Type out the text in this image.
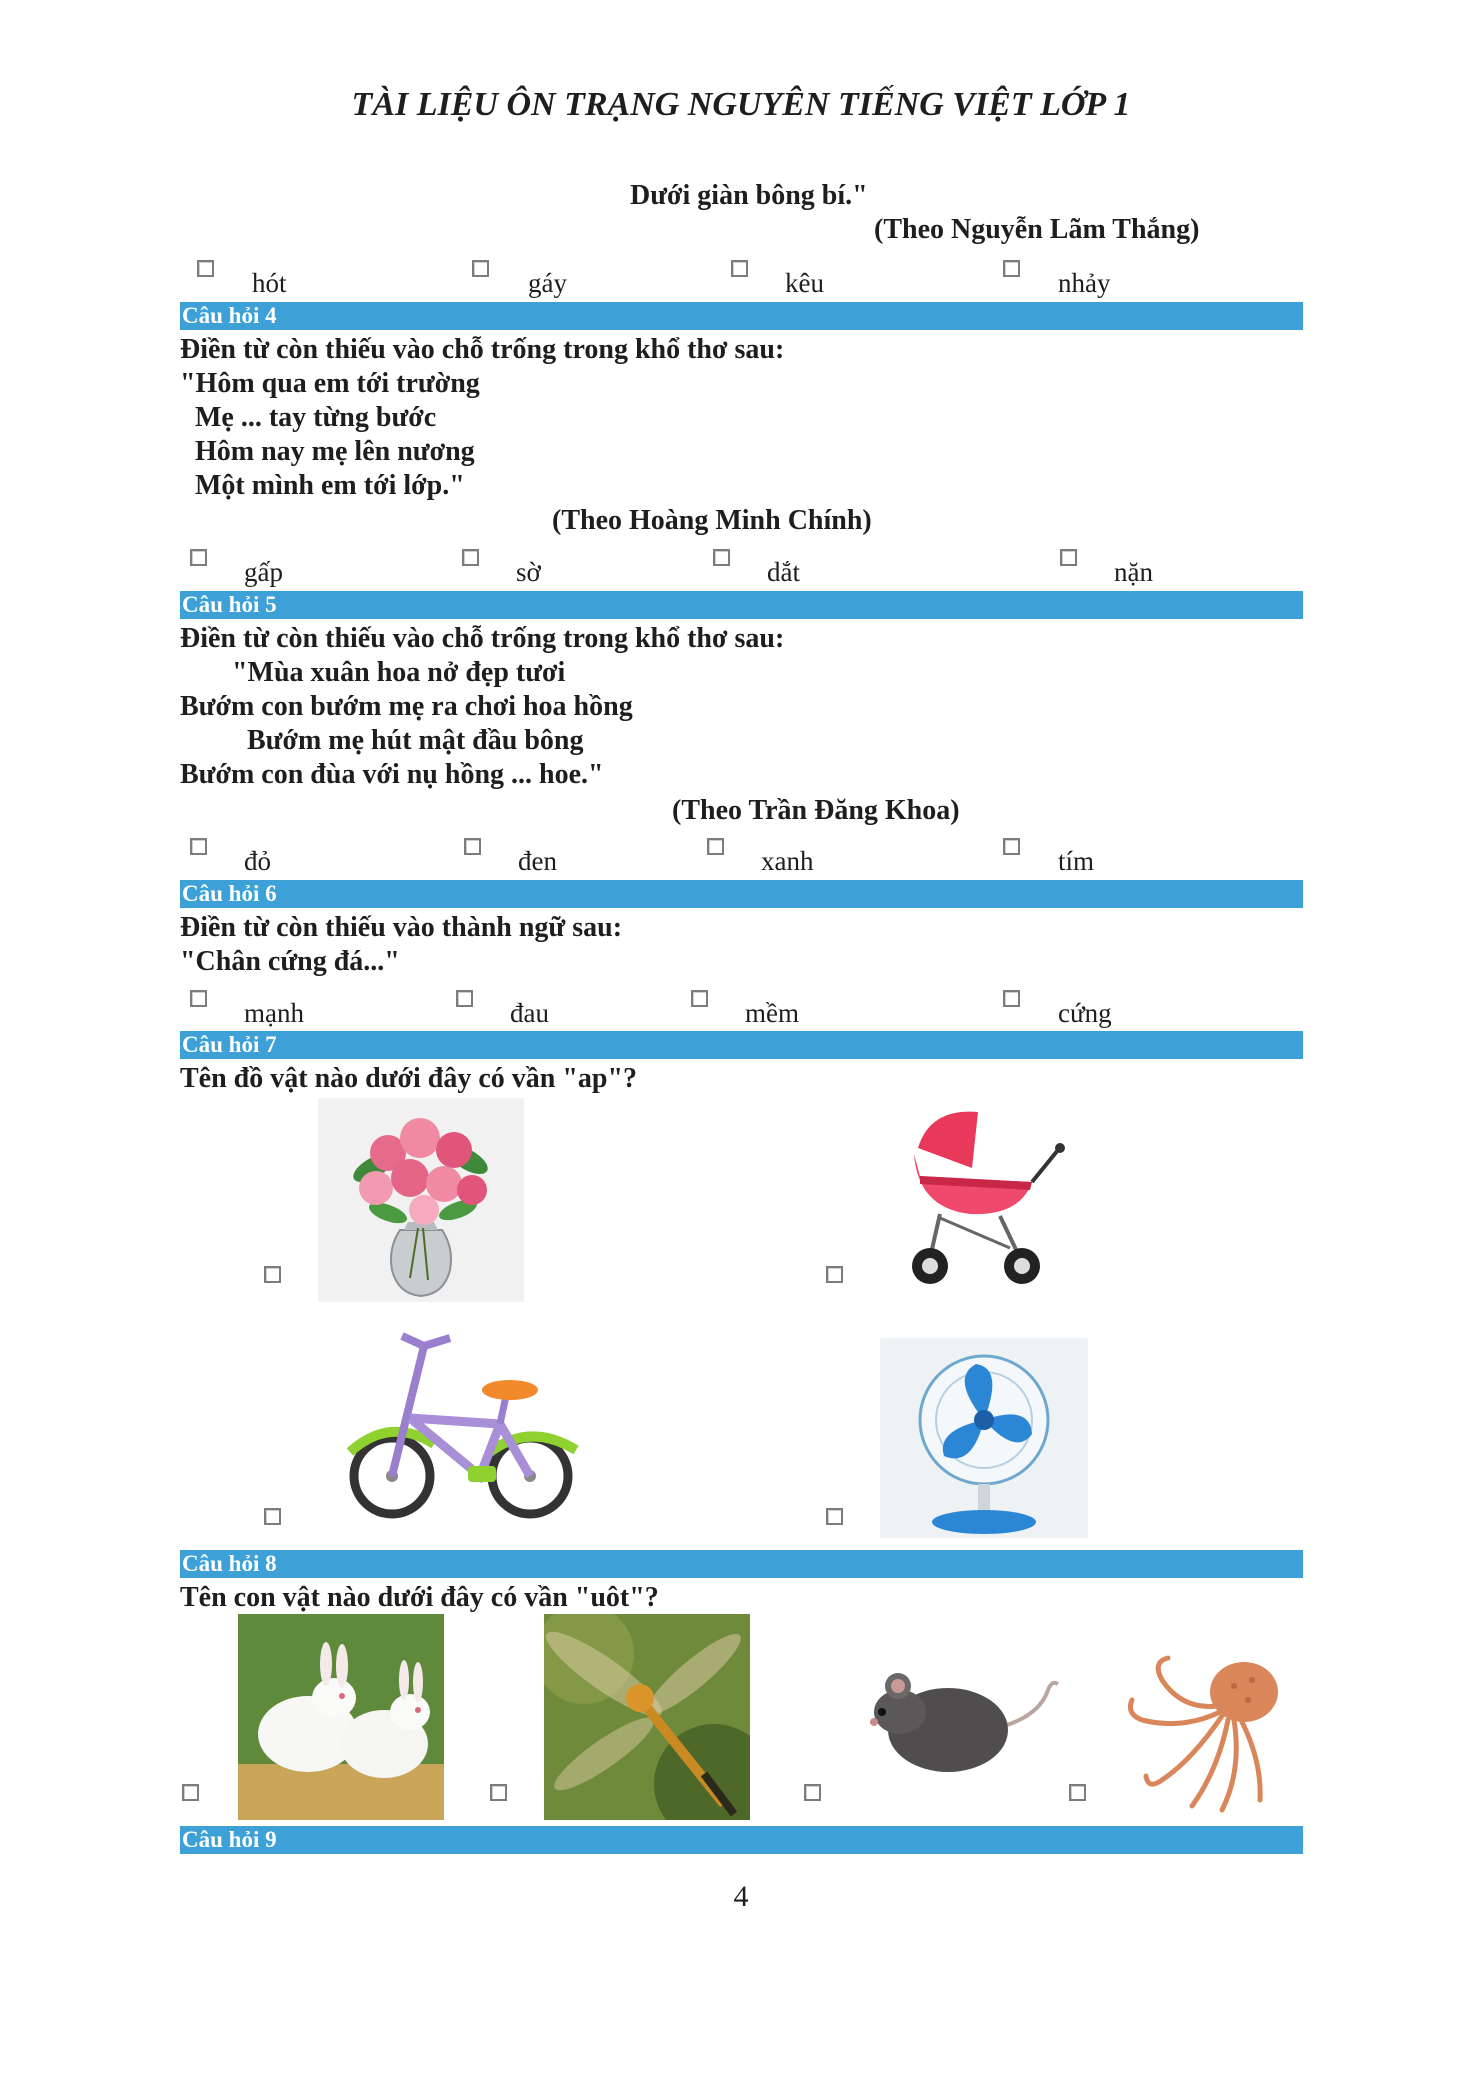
TÀI LIỆU ÔN TRẠNG NGUYÊN TIẾNG VIỆT LỚP 1
Dưới giàn bông bí."
(Theo Nguyễn Lãm Thắng)
hót	gáy	kêu	nhảy
Câu hỏi 4
Điền từ còn thiếu vào chỗ trống trong khổ thơ sau:
"Hôm qua em tới trường
Mẹ ... tay từng bước
Hôm nay mẹ lên nương
Một mình em tới lớp."
(Theo Hoàng Minh Chính)
gấp	sờ	dắt	nặn
Câu hỏi 5
Điền từ còn thiếu vào chỗ trống trong khổ thơ sau:
"Mùa xuân hoa nở đẹp tươi
Bướm con bướm mẹ ra chơi hoa hồng
Bướm mẹ hút mật đầu bông
Bướm con đùa với nụ hồng ... hoe."
(Theo Trần Đăng Khoa)
đỏ	đen	xanh	tím
Câu hỏi 6
Điền từ còn thiếu vào thành ngữ sau:
"Chân cứng đá..."
mạnh	đau	mềm	cứng
Câu hỏi 7
Tên đồ vật nào dưới đây có vần "ap"?
Câu hỏi 8
Tên con vật nào dưới đây có vần "uôt"?
Câu hỏi 9
4
